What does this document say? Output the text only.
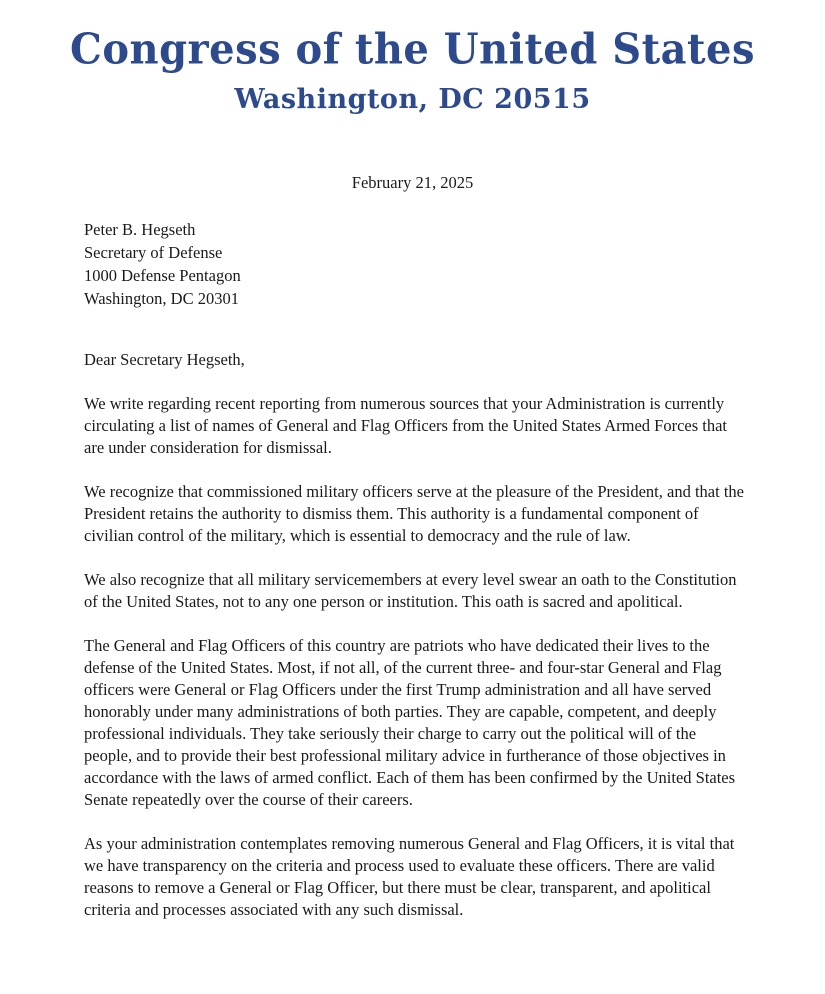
Congress of the United States
Washington, DC 20515
February 21, 2025
Peter B. Hegseth
Secretary of Defense
1000 Defense Pentagon
Washington, DC 20301
Dear Secretary Hegseth,

We write regarding recent reporting from numerous sources that your Administration is currently circulating a list of names of General and Flag Officers from the United States Armed Forces that are under consideration for dismissal.

We recognize that commissioned military officers serve at the pleasure of the President, and that the President retains the authority to dismiss them. This authority is a fundamental component of civilian control of the military, which is essential to democracy and the rule of law.

We also recognize that all military servicemembers at every level swear an oath to the Constitution of the United States, not to any one person or institution. This oath is sacred and apolitical.

The General and Flag Officers of this country are patriots who have dedicated their lives to the defense of the United States. Most, if not all, of the current three- and four-star General and Flag officers were General or Flag Officers under the first Trump administration and all have served honorably under many administrations of both parties. They are capable, competent, and deeply professional individuals. They take seriously their charge to carry out the political will of the people, and to provide their best professional military advice in furtherance of those objectives in accordance with the laws of armed conflict. Each of them has been confirmed by the United States Senate repeatedly over the course of their careers.

As your administration contemplates removing numerous General and Flag Officers, it is vital that we have transparency on the criteria and process used to evaluate these officers. There are valid reasons to remove a General or Flag Officer, but there must be clear, transparent, and apolitical criteria and processes associated with any such dismissal.
